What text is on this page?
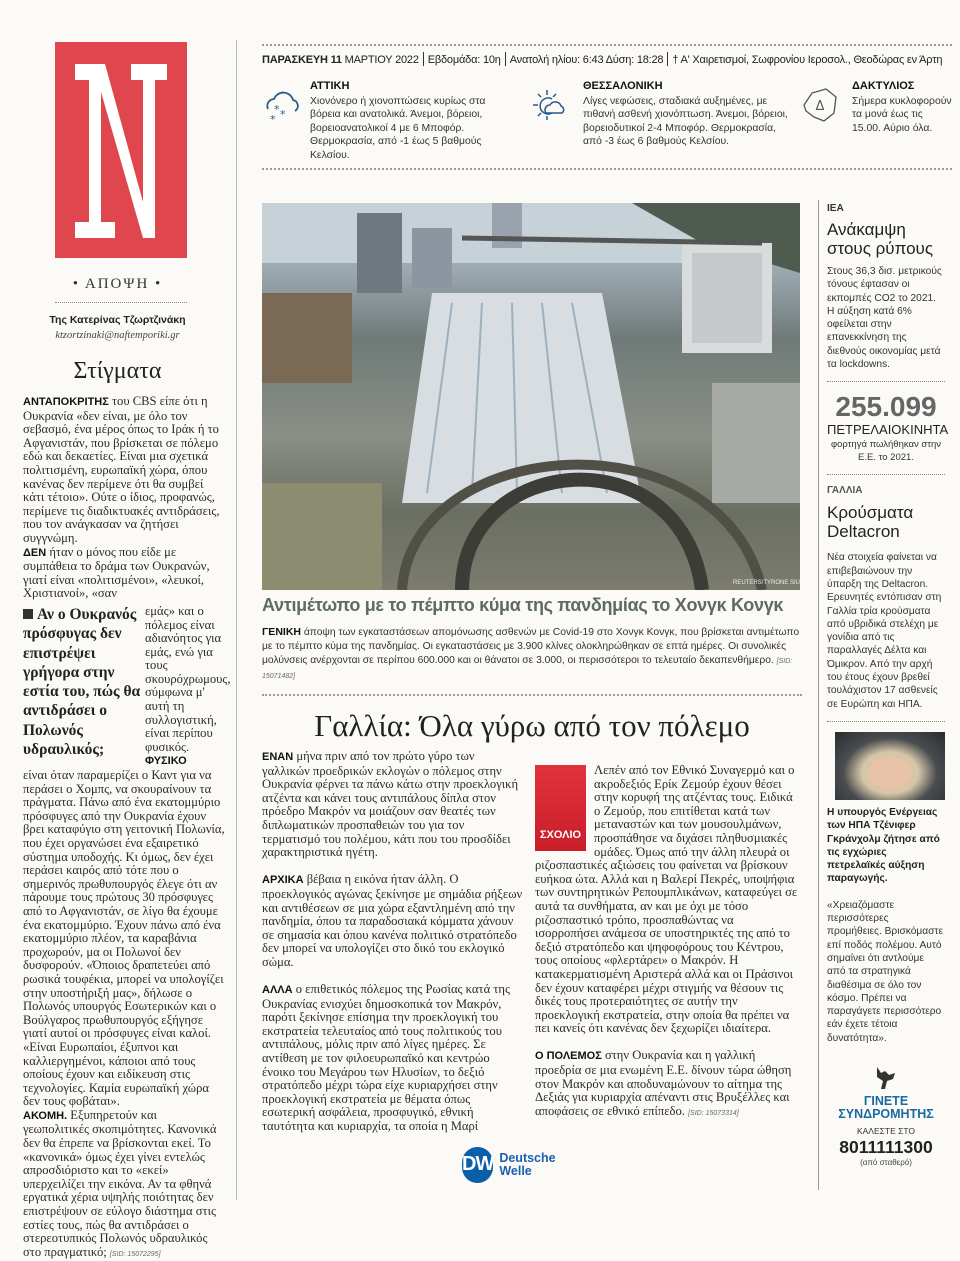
• ΑΠΟΨΗ •
Της Κατερίνας Τζωρτζινάκη
ktzortzinaki@naftemporiki.gr
Στίγματα
ΑΝΤΑΠΟΚΡΙΤΗΣ του CBS είπε ότι η Ουκρανία «δεν είναι, με όλο τον σεβασμό, ένα μέρος όπως το Ιράκ ή το Αφγανιστάν, που βρίσκεται σε πόλεμο εδώ και δεκαετίες. Είναι μια σχετικά πολιτισμένη, ευρωπαϊκή χώρα, όπου κανένας δεν περίμενε ότι θα συμβεί κάτι τέτοιο». Ούτε ο ίδιος, προφανώς, περίμενε τις διαδικτυακές αντιδράσεις, που τον ανάγκασαν να ζητήσει συγγνώμη.
ΔΕΝ ήταν ο μόνος που είδε με συμπάθεια το δράμα των Ουκρανών, γιατί είναι «πολιτισμένοι», «λευκοί, Χριστιανοί», «σαν
Αν ο Ουκρανός πρόσφυγας δεν επιστρέψει γρήγορα στην εστία του, πώς θα αντιδράσει ο Πολωνός υδραυλικός;
εμάς» και ο πόλεμος είναι αδιανόητος για εμάς, ενώ για τους σκουρόχρωμους, σύμφωνα μ' αυτή τη συλλογιστική, είναι περίπου φυσικός.
ΦΥΣΙΚΟ
είναι όταν παραμερίζει ο Καντ για να περάσει ο Χομπς, να σκουραίνουν τα πράγματα. Πάνω από ένα εκατομμύριο πρόσφυγες από την Ουκρανία έχουν βρει καταφύγιο στη γειτονική Πολωνία, που έχει οργανώσει ένα εξαιρετικό σύστημα υποδοχής. Κι όμως, δεν έχει περάσει καιρός από τότε που ο σημερινός πρωθυπουργός έλεγε ότι αν πάρουμε τους πρώτους 30 πρόσφυγες από το Αφγανιστάν, σε λίγο θα έχουμε ένα εκατομμύριο. Έχουν πάνω από ένα εκατομμύριο πλέον, τα καραβάνια προχωρούν, μα οι Πολωνοί δεν δυσφορούν. «Όποιος δραπετεύει από ρωσικά τουφέκια, μπορεί να υπολογίζει στην υποστήριξή μας», δήλωσε ο Πολωνός υπουργός Εσωτερικών και ο Βούλγαρος πρωθυπουργός εξήγησε γιατί αυτοί οι πρόσφυγες είναι καλοί. «Είναι Ευρωπαίοι, έξυπνοι και καλλιεργημένοι, κάποιοι από τους οποίους έχουν και ειδίκευση στις τεχνολογίες. Καμία ευρωπαϊκή χώρα δεν τους φοβάται».
ΑΚΟΜΗ. Εξυπηρετούν και γεωπολιτικές σκοπιμότητες. Κανονικά δεν θα έπρεπε να βρίσκονται εκεί. Το «κανονικά» όμως έχει γίνει εντελώς απροσδιόριστο και το «εκεί» υπερχειλίζει την εικόνα. Αν τα φθηνά εργατικά χέρια υψηλής ποιότητας δεν επιστρέψουν σε εύλογο διάστημα στις εστίες τους, πώς θα αντιδράσει ο στερεοτυπικός Πολωνός υδραυλικός στο πραγματικό; [SID: 15072295]
ΠΑΡΑΣΚΕΥΗ 11 ΜΑΡΤΙΟΥ 2022 Εβδομάδα: 10η Ανατολή ηλίου: 6:43 Δύση: 18:28 † Α' Χαιρετισμοί, Σωφρονίου Ιεροσολ., Θεοδώρας εν Άρτη
* *
*
ΑΤΤΙΚΗ
Χιονόνερο ή χιονοπτώσεις κυρίως στα βόρεια και ανατολικά. Άνεμοι, βόρειοι, βορειοανατολικοί 4 με 6 Μποφόρ. Θερμοκρασία, από -1 έως 5 βαθμούς Κελσίου.
ΘΕΣΣΑΛΟΝΙΚΗ
Λίγες νεφώσεις, σταδιακά αυξημένες, με πιθανή ασθενή χιονόπτωση. Άνεμοι, βόρειοι, βορειοδυτικοί 2-4 Μποφόρ. Θερμοκρασία, από -3 έως 6 βαθμούς Κελσίου.
Δ
ΔΑΚΤΥΛΙΟΣ
Σήμερα κυκλοφορούν τα μονά έως τις 15.00. Αύριο όλα.
REUTERS/TYRONE SIU
Αντιμέτωπο με το πέμπτο κύμα της πανδημίας το Χονγκ Κονγκ
ΓΕΝΙΚΗ άποψη των εγκαταστάσεων απομόνωσης ασθενών με Covid-19 στο Χονγκ Κονγκ, που βρίσκεται αντιμέτωπο με το πέμπτο κύμα της πανδημίας. Οι εγκαταστάσεις με 3.900 κλίνες ολοκληρώθηκαν σε επτά ημέρες. Οι συνολικές μολύνσεις ανέρχονται σε περίπου 600.000 και οι θάνατοι σε 3.000, οι περισσότεροι το τελευταίο δεκαπενθήμερο. [SID: 15071482]
Γαλλία: Όλα γύρω από τον πόλεμο

ΕΝΑΝ μήνα πριν από τον πρώτο γύρο των γαλλικών προεδρικών εκλογών ο πόλεμος στην Ουκρανία φέρνει τα πάνω κάτω στην προεκλογική ατζέντα και κάνει τους αντιπάλους δίπλα στον πρόεδρο Μακρόν να μοιάζουν σαν θεατές των διπλωματικών προσπαθειών του για τον τερματισμό του πολέμου, κάτι που του προσδίδει χαρακτηριστικά ηγέτη.

ΑΡΧΙΚΑ βέβαια η εικόνα ήταν άλλη. Ο προεκλογικός αγώνας ξεκίνησε με σημάδια ρήξεων και αντιθέσεων σε μια χώρα εξαντλημένη από την πανδημία, όπου τα παραδοσιακά κόμματα χάνουν σε σημασία και όπου κανένα πολιτικό στρατόπεδο δεν μπορεί να υπολογίζει στο δικό του εκλογικό σώμα.

ΑΛΛΑ ο επιθετικός πόλεμος της Ρωσίας κατά της Ουκρανίας ενισχύει δημοσκοπικά τον Μακρόν, παρότι ξεκίνησε επίσημα την προεκλογική του εκστρατεία τελευταίος από τους πολιτικούς του αντιπάλους, μόλις πριν από λίγες ημέρες. Σε αντίθεση με τον φιλοευρωπαϊκό και κεντρώο ένοικο του Μεγάρου των Ηλυσίων, το δεξιό στρατόπεδο μέχρι τώρα είχε κυριαρχήσει στην προεκλογική εκστρατεία με θέματα όπως εσωτερική ασφάλεια, προσφυγικό, εθνική ταυτότητα και κυριαρχία, τα οποία η Μαρί

DW Deutsche
Welle
ΣΧΟΛΙΟ

Λεπέν από τον Εθνικό Συναγερμό και ο ακροδεξιός Ερίκ Ζεμούρ έχουν θέσει στην κορυφή της ατζέντας τους. Ειδικά ο Ζεμούρ, που επιτίθεται κατά των μεταναστών και των μουσουλμάνων, προσπάθησε να διχάσει πληθυσμιακές ομάδες. Όμως από την άλλη πλευρά οι ριζοσπαστικές αξιώσεις του φαίνεται να βρίσκουν ευήκοα ώτα. Αλλά και η Βαλερί Πεκρές, υποψήφια των συντηρητικών Ρεπουμπλικάνων, καταφεύγει σε αυτά τα συνθήματα, αν και με όχι με τόσο ριζοσπαστικό τρόπο, προσπαθώντας να ισορροπήσει ανάμεσα σε υποστηρικτές της από το δεξιό στρατόπεδο και ψηφοφόρους του Κέντρου, τους οποίους «φλερτάρει» ο Μακρόν. Η κατακερματισμένη Αριστερά αλλά και οι Πράσινοι δεν έχουν καταφέρει μέχρι στιγμής να θέσουν τις δικές τους προτεραιότητες σε αυτήν την προεκλογική εκστρατεία, στην οποία θα πρέπει να πει κανείς ότι κανένας δεν ξεχωρίζει ιδιαίτερα.

Ο ΠΟΛΕΜΟΣ στην Ουκρανία και η γαλλική προεδρία σε μια ενωμένη Ε.Ε. δίνουν τώρα ώθηση στον Μακρόν και αποδυναμώνουν το αίτημα της Δεξιάς για κυριαρχία απέναντι στις Βρυξέλλες και αποφάσεις σε εθνικό επίπεδο. [SID: 15073314]

IEA
Ανάκαμψη στους ρύπους
Στους 36,3 δισ. μετρικούς τόνους έφτασαν οι εκπομπές CO2 το 2021. Η αύξηση κατά 6% οφείλεται στην επανεκκίνηση της διεθνούς οικονομίας μετά τα lockdowns.
255.099
ΠΕΤΡΕΛΑΙΟΚΙΝΗΤΑ
φορτηγά πωλήθηκαν στην Ε.Ε. το 2021.
ΓΑΛΛΙΑ
Κρούσματα Deltacron
Νέα στοιχεία φαίνεται να επιβεβαιώνουν την ύπαρξη της Deltacron. Ερευνητές εντόπισαν στη Γαλλία τρία κρούσματα από υβριδικά στελέχη με γονίδια από τις παραλλαγές Δέλτα και Όμικρον. Από την αρχή του έτους έχουν βρεθεί τουλάχιστον 17 ασθενείς σε Ευρώπη και ΗΠΑ.
Η υπουργός Ενέργειας των ΗΠΑ Τζένιφερ Γκράνχολμ ζήτησε από τις εγχώριες πετρελαϊκές αύξηση παραγωγής.
«Χρειαζόμαστε περισσότερες προμήθειες. Βρισκόμαστε επί ποδός πολέμου. Αυτό σημαίνει ότι αντλούμε από τα στρατηγικά διαθέσιμα σε όλο τον κόσμο. Πρέπει να παραγάγετε περισσότερο εάν έχετε τέτοια δυνατότητα».
ΓΙΝΕΤΕ ΣΥΝΔΡΟΜΗΤΗΣ
ΚΑΛΕΣΤΕ ΣΤΟ
8011111300
(από σταθερό)
